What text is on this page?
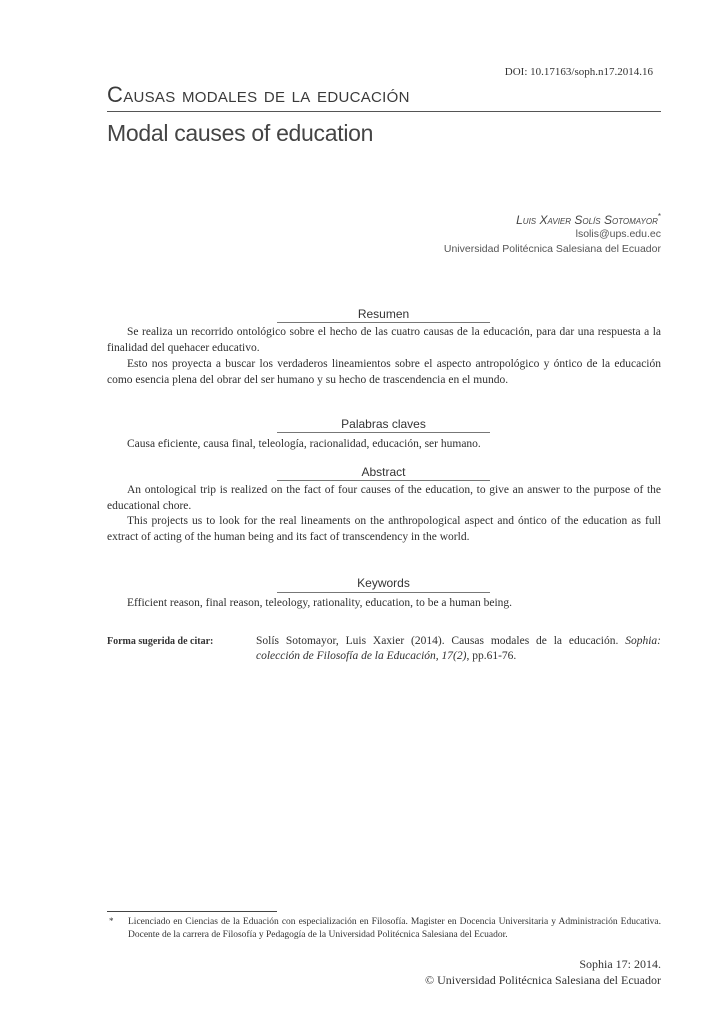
DOI: 10.17163/soph.n17.2014.16
Causas modales de la educación
Modal causes of education
Luis Xavier Solís Sotomayor*
lsolis@ups.edu.ec
Universidad Politécnica Salesiana del Ecuador
Resumen
Se realiza un recorrido ontológico sobre el hecho de las cuatro causas de la educación, para dar una respuesta a la finalidad del quehacer educativo.
Esto nos proyecta a buscar los verdaderos lineamientos sobre el aspecto antropológico y óntico de la educación como esencia plena del obrar del ser humano y su hecho de trascendencia en el mundo.
Palabras claves
Causa eficiente, causa final, teleología, racionalidad, educación, ser humano.
Abstract
An ontological trip is realized on the fact of four causes of the education, to give an answer to the purpose of the educational chore.
This projects us to look for the real lineaments on the anthropological aspect and óntico of the education as full extract of acting of the human being and its fact of transcendency in the world.
Keywords
Efficient reason, final reason, teleology, rationality, education, to be a human being.
Forma sugerida de citar:	Solís Sotomayor, Luis Xaxier (2014). Causas modales de la educación. Sophia: colección de Filosofía de la Educación, 17(2), pp.61-76.
* Licenciado en Ciencias de la Eduación con especialización en Filosofía. Magister en Docencia Universitaria y Administración Educativa. Docente de la carrera de Filosofía y Pedagogía de la Universidad Politécnica Salesiana del Ecuador.
Sophia 17: 2014.
© Universidad Politécnica Salesiana del Ecuador
